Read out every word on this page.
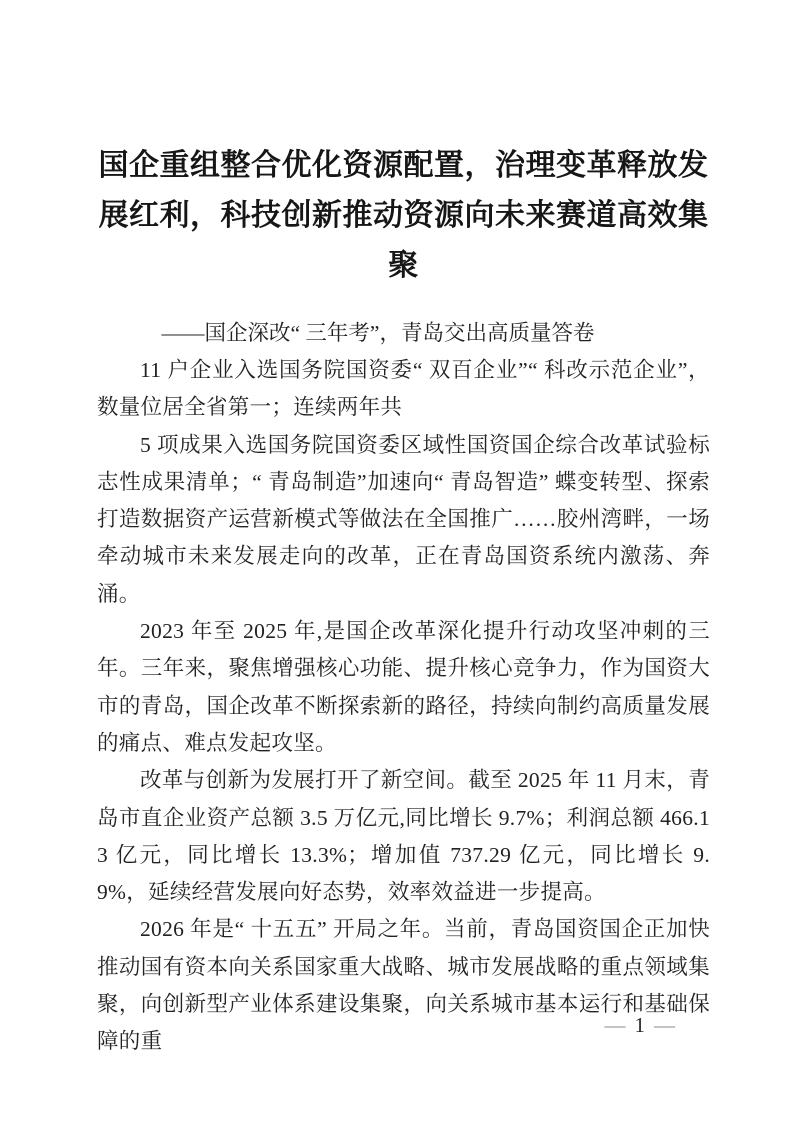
国企重组整合优化资源配置，治理变革释放发
展红利，科技创新推动资源向未来赛道高效集
聚

——国企深改“ 三年考”，青岛交出高质量答卷

11 户企业入选国务院国资委“ 双百企业”“ 科改示范企业”，数量位居全省第一；连续两年共

5 项成果入选国务院国资委区域性国资国企综合改革试验标志性成果清单；“ 青岛制造”加速向“ 青岛智造” 蝶变转型、探索打造数据资产运营新模式等做法在全国推广……胶州湾畔，一场牵动城市未来发展走向的改革，正在青岛国资系统内激荡、奔涌。

2023 年至 2025 年,是国企改革深化提升行动攻坚冲刺的三年。三年来，聚焦增强核心功能、提升核心竞争力，作为国资大市的青岛，国企改革不断探索新的路径，持续向制约高质量发展的痛点、难点发起攻坚。

改革与创新为发展打开了新空间。截至 2025 年 11 月末，青岛市直企业资产总额 3.5 万亿元,同比增长 9.7%；利润总额 466.13 亿元，同比增长 13.3%；增加值 737.29 亿元，同比增长 9.9%，延续经营发展向好态势，效率效益进一步提高。

2026 年是“ 十五五” 开局之年。当前，青岛国资国企正加快推动国有资本向关系国家重大战略、城市发展战略的重点领域集聚，向创新型产业体系建设集聚，向关系城市基本运行和基础保障的重

— 1 —
